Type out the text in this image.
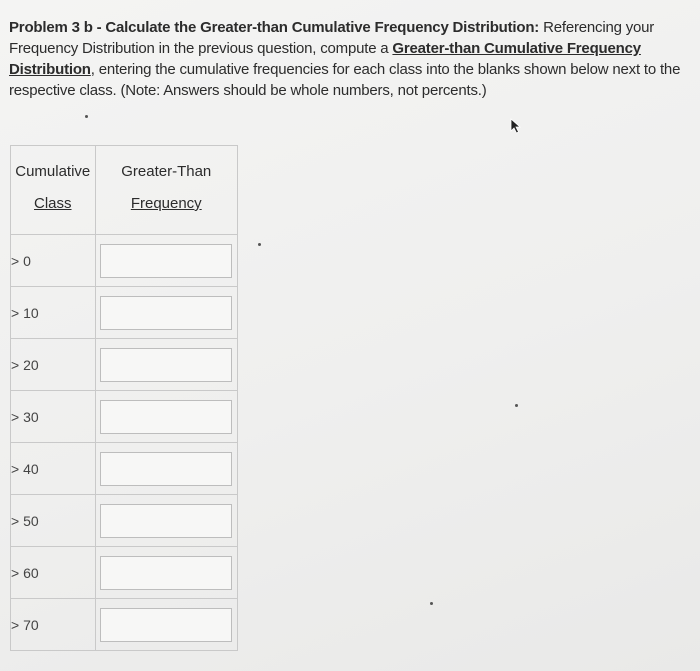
Problem 3 b - Calculate the Greater-than Cumulative Frequency Distribution: Referencing your Frequency Distribution in the previous question, compute a Greater-than Cumulative Frequency Distribution, entering the cumulative frequencies for each class into the blanks shown below next to the respective class. (Note: Answers should be whole numbers, not percents.)
Cumulative
Class	Greater-Than
Frequency

> 0	

> 10	

> 20	

> 30	

> 40	

> 50	

> 60	

> 70	
